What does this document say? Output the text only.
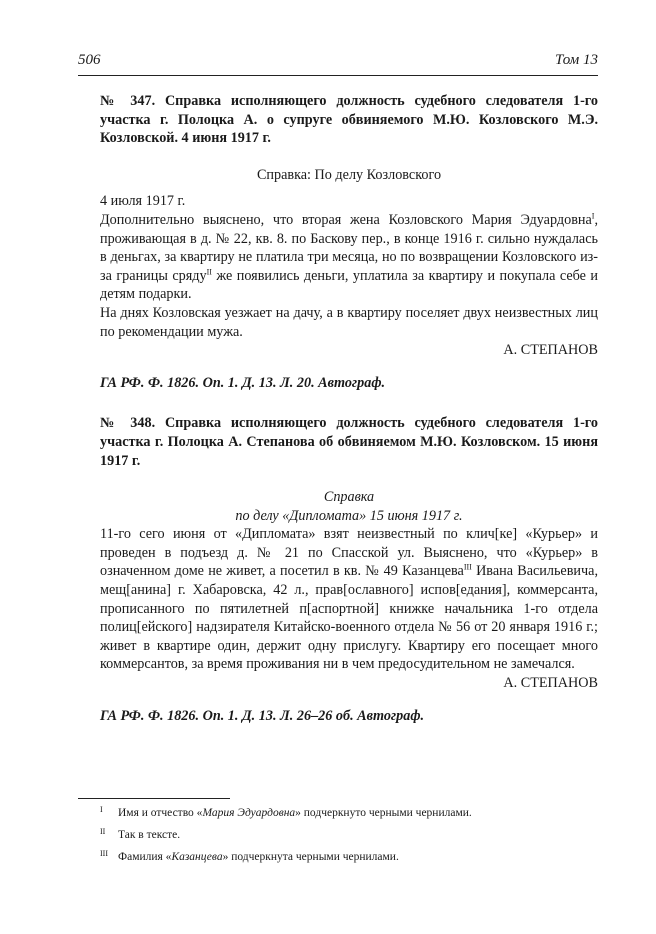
506	Том 13

№ 347. Справка исполняющего должность судебного следователя 1-го участка г. Полоцка А. о супруге обвиняемого М.Ю. Козловского М.Э. Козловской. 4 июня 1917 г.

Справка: По делу Козловского

4 июля 1917 г.

Дополнительно выяснено, что вторая жена Козловского Мария Эдуардовна$^I$, проживающая в д. № 22, кв. 8. по Баскову пер., в конце 1916 г. сильно нуждалась в деньгах, за квартиру не платила три месяца, но по возвращении Козловского из-за границы сряду$^{II}$ же появились деньги, уплатила за квартиру и покупала себе и детям подарки.

На днях Козловская уезжает на дачу, а в квартиру поселяет двух неизвестных лиц по рекомендации мужа.

А. СТЕПАНОВ

ГА РФ. Ф. 1826. Оп. 1. Д. 13. Л. 20. Автограф.

№ 348. Справка исполняющего должность судебного следователя 1-го участка г. Полоцка А. Степанова об обвиняемом М.Ю. Козловском. 15 июня 1917 г.

Справка

по делу «Дипломата» 15 июня 1917 г.

11-го сего июня от «Дипломата» взят неизвестный по клич[ке] «Курьер» и проведен в подъезд д. № 21 по Спасской ул. Выяснено, что «Курьер» в означенном доме не живет, а посетил в кв. № 49 Казанцева$^{III}$ Ивана Васильевича, мещ[анина] г. Хабаровска, 42 л., прав[ославного] испов[едания], коммерсанта, прописанного по пятилетней п[аспортной] книжке начальника 1-го отдела полиц[ейского] надзирателя Китайско-военного отдела № 56 от 20 января 1916 г.; живет в квартире один, держит одну прислугу. Квартиру его посещает много коммерсантов, за время проживания ни в чем предосудительном не замечался.

А. СТЕПАНОВ

ГА РФ. Ф. 1826. Оп. 1. Д. 13. Л. 26–26 об. Автограф.

I Имя и отчество «Мария Эдуардовна» подчеркнуто черными чернилами.
II Так в тексте.
III Фамилия «Казанцева» подчеркнута черными чернилами.
